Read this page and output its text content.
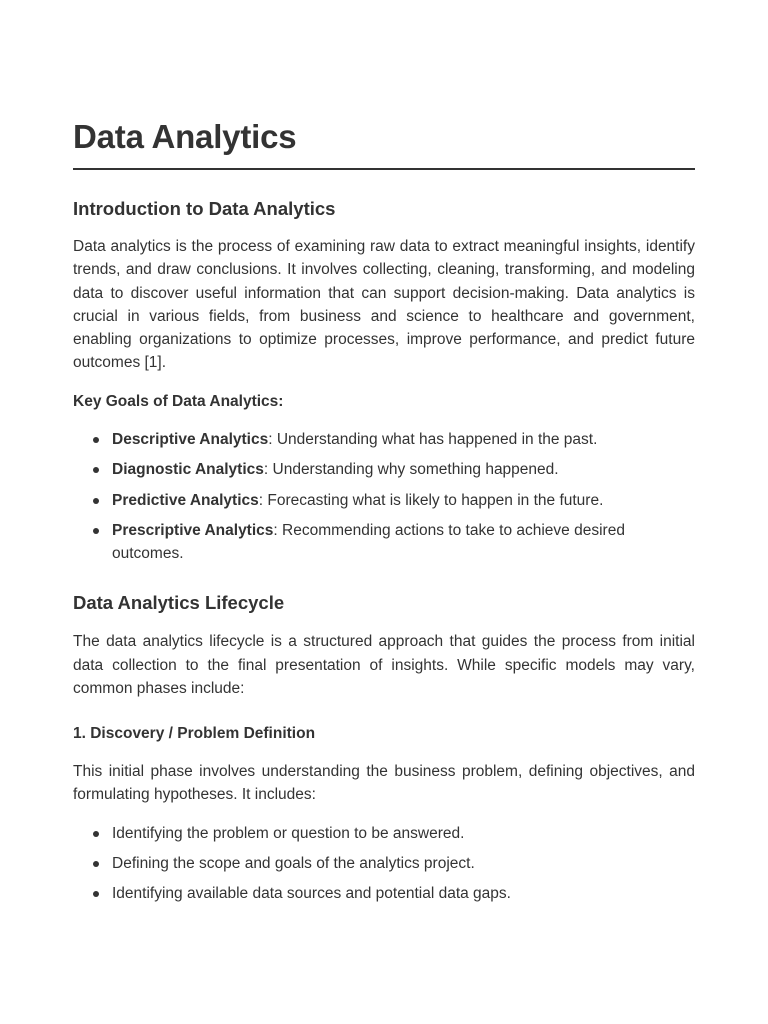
Data Analytics
Introduction to Data Analytics

Data analytics is the process of examining raw data to extract meaningful insights, identify trends, and draw conclusions. It involves collecting, cleaning, transforming, and modeling data to discover useful information that can support decision-making. Data analytics is crucial in various fields, from business and science to healthcare and government, enabling organizations to optimize processes, improve performance, and predict future outcomes [1].

Key Goals of Data Analytics:
Descriptive Analytics: Understanding what has happened in the past.
Diagnostic Analytics: Understanding why something happened.
Predictive Analytics: Forecasting what is likely to happen in the future.
Prescriptive Analytics: Recommending actions to take to achieve desired outcomes.
Data Analytics Lifecycle

The data analytics lifecycle is a structured approach that guides the process from initial data collection to the final presentation of insights. While specific models may vary, common phases include:

1. Discovery / Problem Definition

This initial phase involves understanding the business problem, defining objectives, and formulating hypotheses. It includes:

Identifying the problem or question to be answered.
Defining the scope and goals of the analytics project.
Identifying available data sources and potential data gaps.
